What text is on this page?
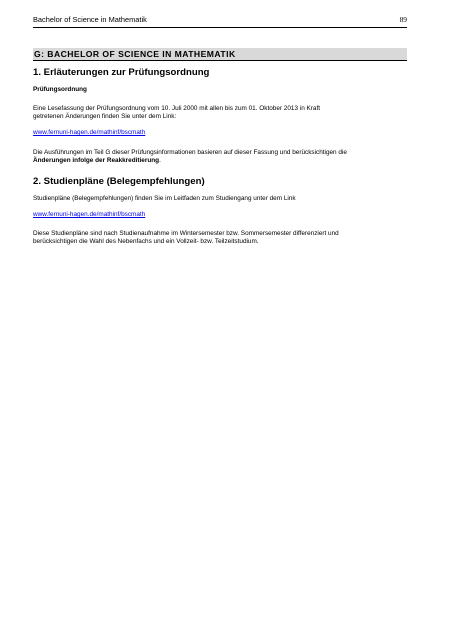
Bachelor of Science in Mathematik	89
G: BACHELOR OF SCIENCE IN MATHEMATIK
1. Erläuterungen zur Prüfungsordnung
Prüfungsordnung
Eine Lesefassung der Prüfungsordnung vom 10. Juli 2000 mit allen bis zum 01. Oktober 2013 in Kraft
getretenen Änderungen finden Sie unter dem Link:
www.fernuni-hagen.de/mathinf/bscmath
Die Ausführungen im Teil G dieser Prüfungsinformationen basieren auf dieser Fassung und berücksichtigen die
Änderungen infolge der Reakkreditierung.
2. Studienpläne (Belegempfehlungen)
Studienpläne (Belegempfehlungen) finden Sie im Leitfaden zum Studiengang unter dem Link
www.fernuni-hagen.de/mathinf/bscmath
Diese Studienpläne sind nach Studienaufnahme im Wintersemester bzw. Sommersemester differenziert und
berücksichtigen die Wahl des Nebenfachs und ein Vollzeit- bzw. Teilzeitstudium.
